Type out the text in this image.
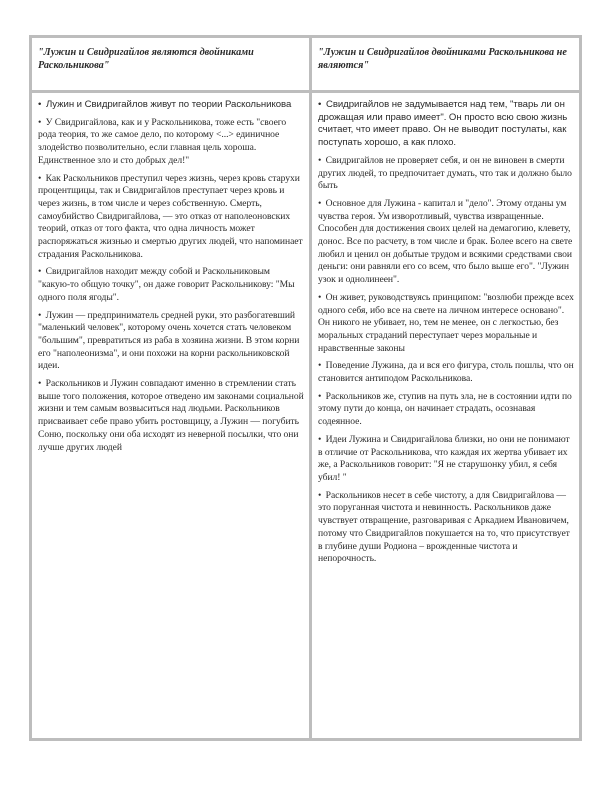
"Лужин и Свидригайлов являются двойниками Раскольникова"
"Лужин и Свидригайлов двойниками Раскольникова не являются"

• Лужин и Свидригайлов живут по теории Раскольникова

• У Свидригайлова, как и у Раскольникова, тоже есть "своего рода теория, то же самое дело, по которому <...> единичное злодейство позволительно, если главная цель хороша. Единственное зло и сто добрых дел!"

• Как Раскольников преступил через жизнь, через кровь старухи процентщицы, так и Свидригайлов преступает через кровь и через жизнь, в том числе и через собственную. Смерть, самоубийство Свидригайлова, — это отказ от наполеоновских теорий, отказ от того факта, что одна личность может распоряжаться жизнью и смертью других людей, что напоминает страдания Раскольникова.

• Свидригайлов находит между собой и Раскольниковым "какую-то общую точку", он даже говорит Раскольникову: "Мы одного поля ягоды".

• Лужин — предприниматель средней руки, это разбогатевший "маленький человек", которому очень хочется стать человеком "большим", превратиться из раба в хозяина жизни. В этом корни его "наполеонизма", и они похожи на корни раскольниковской идеи.

• Раскольников и Лужин совпадают именно в стремлении стать выше того положения, которое отведено им законами социальной жизни и тем самым возвыситься над людьми. Раскольников присваивает себе право убить ростовщицу, а Лужин — погубить Соню, поскольку они оба исходят из неверной посылки, что они лучше других людей

• Свидригайлов не задумывается над тем, "тварь ли он дрожащая или право имеет". Он просто всю свою жизнь считает, что имеет право. Он не выводит постулаты, как поступать хорошо, а как плохо.

• Свидригайлов не проверяет себя, и он не виновен в смерти других людей, то предпочитает думать, что так и должно было быть

• Основное для Лужина - капитал и "дело". Этому отданы ум чувства героя. Ум изворотливый, чувства извращенные. Способен для достижения своих целей на демагогию, клевету, донос. Все по расчету, в том числе и брак. Более всего на свете любил и ценил он добытые трудом и всякими средствами свои деньги: они равняли его со всем, что было выше его". "Лужин узок и однолинеен".

• Он живет, руководствуясь принципом: "возлюби прежде всех одного себя, ибо все на свете на личном интересе основано". Он никого не убивает, но, тем не менее, он с легкостью, без моральных страданий переступает через моральные и нравственные законы

• Поведение Лужина, да и вся его фигура, столь пошлы, что он становится антиподом Раскольникова.

• Раскольников же, ступив на путь зла, не в состоянии идти по этому пути до конца, он начинает страдать, осознавая содеянное.

• Идеи Лужина и Свидригайлова близки, но они не понимают в отличие от Раскольникова, что каждая их жертва убивает их же, а Раскольников говорит: "Я не старушонку убил, я себя убил! "

• Раскольников несет в себе чистоту, а для Свидригайлова — это поруганная чистота и невинность. Раскольников даже чувствует отвращение, разговаривая с Аркадием Ивановичем, потому что Свидригайлов покушается на то, что присутствует в глубине души Родиона – врожденные чистота и непорочность.
